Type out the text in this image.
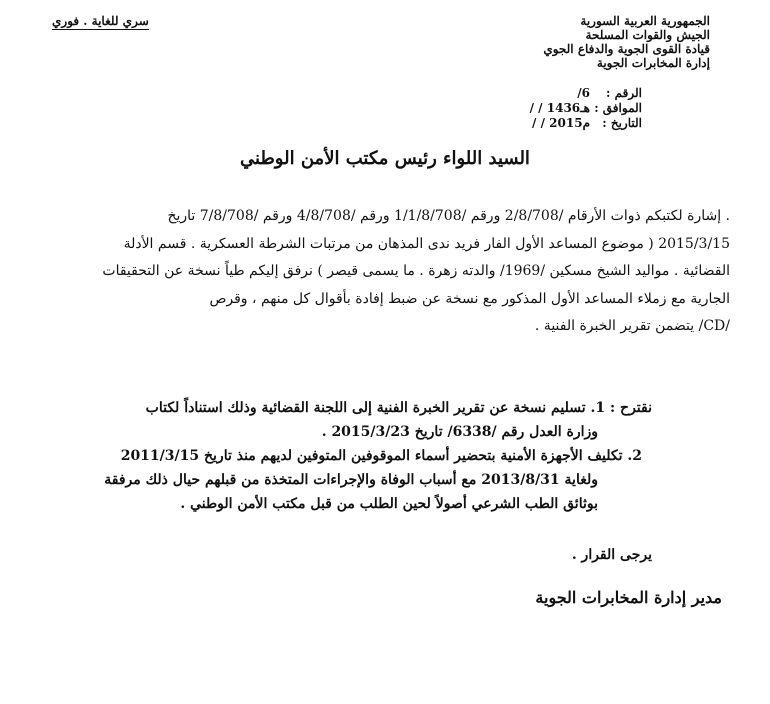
سري للغاية . فوري	الجمهورية العربية السورية
الجيش والقوات المسلحة
قيادة القوى الجوية والدفاع الجوي
إدارة المخابرات الجوية
الرقم :
/6
الموافق :
/ / 1436هـ
التاريخ :
/ / 2015م
السيد اللواء رئيس مكتب الأمن الوطني
. إشارة لكتبكم ذوات الأرقام /2/8/708 ورقم /1/1/8/708 ورقم /4/8/708 ورقم /7/8/708 تاريخ
2015/3/15 ( موضوع المساعد الأول الفار فريد ندى المذهان من مرتبات الشرطة العسكرية . قسم الأدلة
القضائية . مواليد الشيخ مسكين /1969/ والدته زهرة . ما يسمى قيصر ) نرفق إليكم طياً نسخة عن التحقيقات
الجارية مع زملاء المساعد الأول المذكور مع نسخة عن ضبط إفادة بأقوال كل منهم ، وقرص
/CD/ يتضمن تقرير الخبرة الفنية .
نقترح : 1. تسليم نسخة عن تقرير الخبرة الفنية إلى اللجنة القضائية وذلك استناداً لكتاب
وزارة العدل رقم /6338/ تاريخ 2015/3/23 .
2. تكليف الأجهزة الأمنية بتحضير أسماء الموقوفين المتوفين لديهم منذ تاريخ 2011/3/15
ولغاية 2013/8/31 مع أسباب الوفاة والإجراءات المتخذة من قبلهم حيال ذلك مرفقة
بوثائق الطب الشرعي أصولاً لحين الطلب من قبل مكتب الأمن الوطني .
يرجى القرار .
مدير إدارة المخابرات الجوية
